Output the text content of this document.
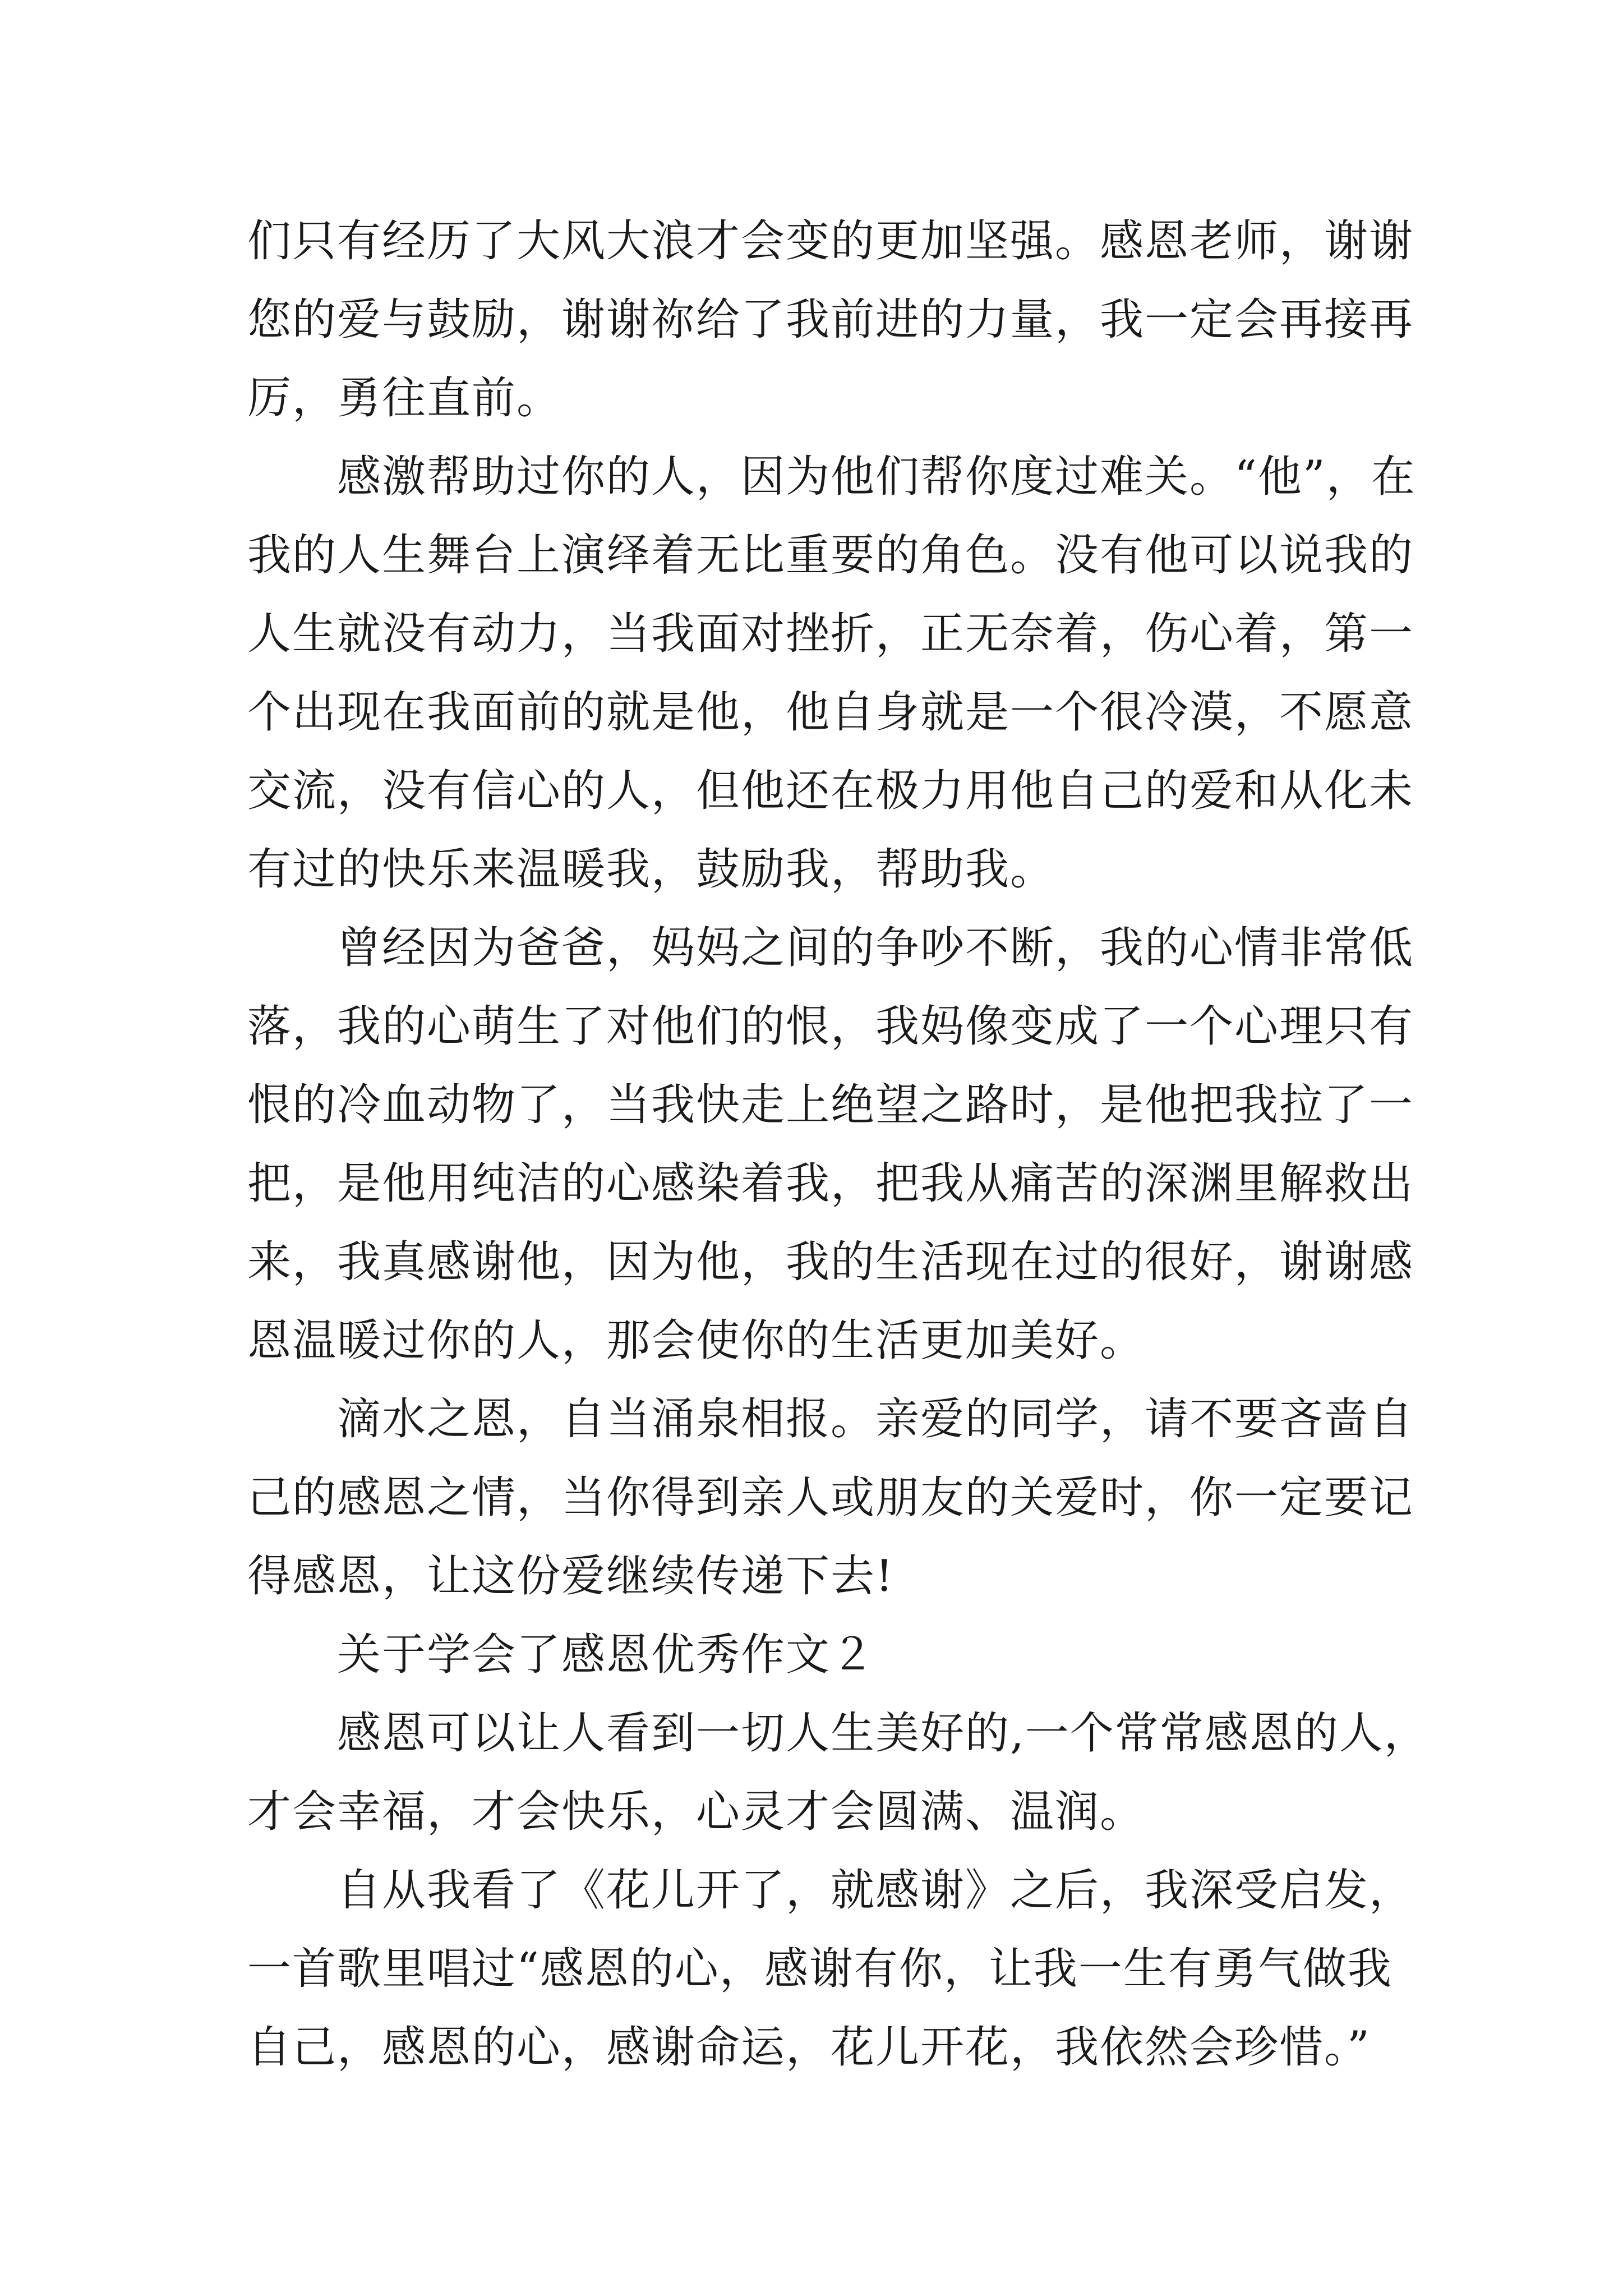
们只有经历了大风大浪才会变的更加坚强。感恩老师，谢谢
您的爱与鼓励，谢谢祢给了我前进的力量，我一定会再接再
厉，勇往直前。
感激帮助过你的人，因为他们帮你度过难关。“他”，在
我的人生舞台上演绎着无比重要的角色。没有他可以说我的
人生就没有动力，当我面对挫折，正无奈着，伤心着，第一
个出现在我面前的就是他，他自身就是一个很冷漠，不愿意
交流，没有信心的人，但他还在极力用他自己的爱和从化未
有过的快乐来温暖我，鼓励我，帮助我。
曾经因为爸爸，妈妈之间的争吵不断，我的心情非常低
落，我的心萌生了对他们的恨，我妈像变成了一个心理只有
恨的冷血动物了，当我快走上绝望之路时，是他把我拉了一
把，是他用纯洁的心感染着我，把我从痛苦的深渊里解救出
来，我真感谢他，因为他，我的生活现在过的很好，谢谢感
恩温暖过你的人，那会使你的生活更加美好。
滴水之恩，自当涌泉相报。亲爱的同学，请不要吝啬自
己的感恩之情，当你得到亲人或朋友的关爱时，你一定要记
得感恩，让这份爱继续传递下去!
关于学会了感恩优秀作文２
感恩可以让人看到一切人生美好的,一个常常感恩的人，
才会幸福，才会快乐，心灵才会圆满、温润。
自从我看了《花儿开了，就感谢》之后，我深受启发，
一首歌里唱过“感恩的心，感谢有你，让我一生有勇气做我
自己，感恩的心，感谢命运，花儿开花，我依然会珍惜。”
